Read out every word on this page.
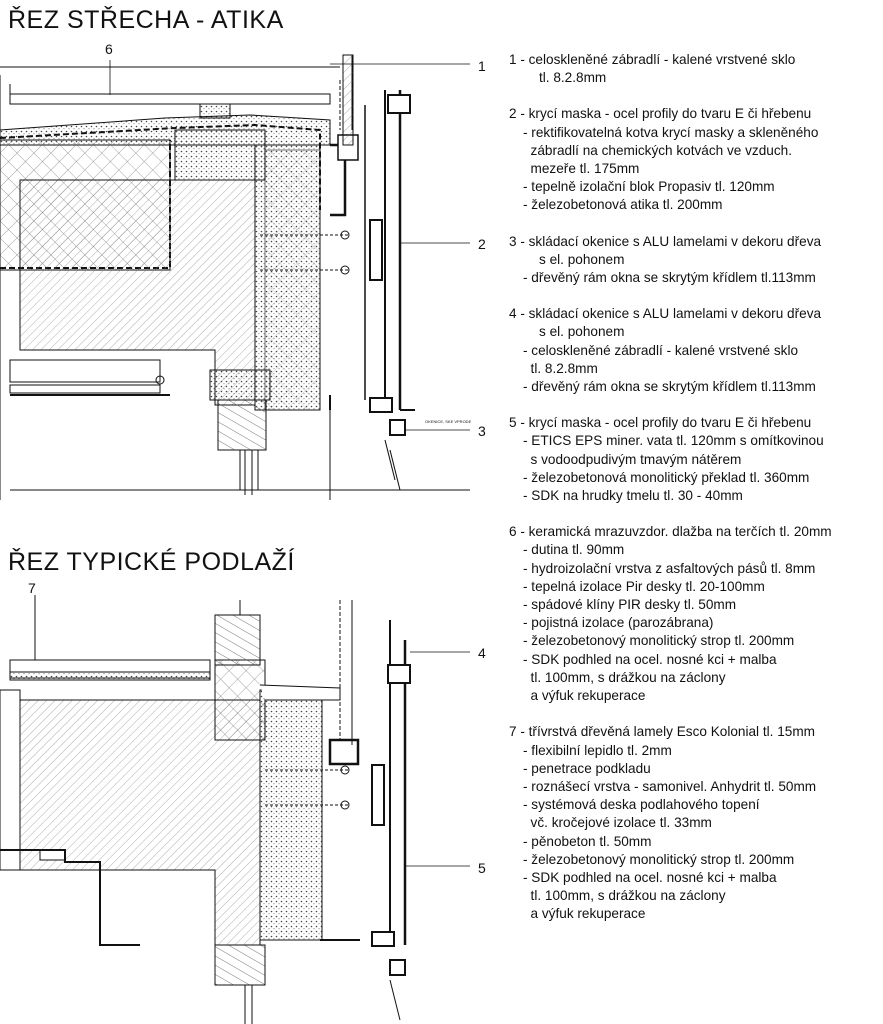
ŘEZ STŘECHA - ATIKA
ŘEZ TYPICKÉ PODLAŽÍ
1
2
3
4
5
6
7
OKENICE, SKE VPRODE
1 - celoskleněné zábradlí - kalené vrstvené sklo
tl. 8.2.8mm
2 - krycí maska - ocel profily do tvaru E či hřebenu
- rektifikovatelná kotva krycí masky a skleněného
zábradlí na chemických kotvách ve vzduch.
mezeře tl. 175mm
- tepelně izolační blok Propasiv tl. 120mm
- železobetonová atika tl. 200mm
3 - skládací okenice s ALU lamelami v dekoru dřeva
s el. pohonem
- dřevěný rám okna se skrytým křídlem tl.113mm
4 - skládací okenice s ALU lamelami v dekoru dřeva
s el. pohonem
- celoskleněné zábradlí - kalené vrstvené sklo
tl. 8.2.8mm
- dřevěný rám okna se skrytým křídlem tl.113mm
5 - krycí maska - ocel profily do tvaru E či hřebenu
- ETICS EPS miner. vata tl. 120mm s omítkovinou
s vodoodpudivým tmavým nátěrem
- železobetonová monolitický překlad tl. 360mm
- SDK na hrudky tmelu tl. 30 - 40mm
6 - keramická mrazuvzdor. dlažba na terčích tl. 20mm
- dutina tl. 90mm
- hydroizolační vrstva z asfaltových pásů tl. 8mm
- tepelná izolace Pir desky tl. 20-100mm
- spádové klíny PIR desky tl. 50mm
- pojistná izolace (parozábrana)
- železobetonový monolitický strop tl. 200mm
- SDK podhled na ocel. nosné kci + malba
tl. 100mm, s drážkou na záclony
a výfuk rekuperace
7 - třívrstvá dřevěná lamely Esco Kolonial tl. 15mm
- flexibilní lepidlo tl. 2mm
- penetrace podkladu
- roznášecí vrstva - samonivel. Anhydrit tl. 50mm
- systémová deska podlahového topení
vč. kročejové izolace tl. 33mm
- pěnobeton tl. 50mm
- železobetonový monolitický strop tl. 200mm
- SDK podhled na ocel. nosné kci + malba
tl. 100mm, s drážkou na záclony
a výfuk rekuperace
